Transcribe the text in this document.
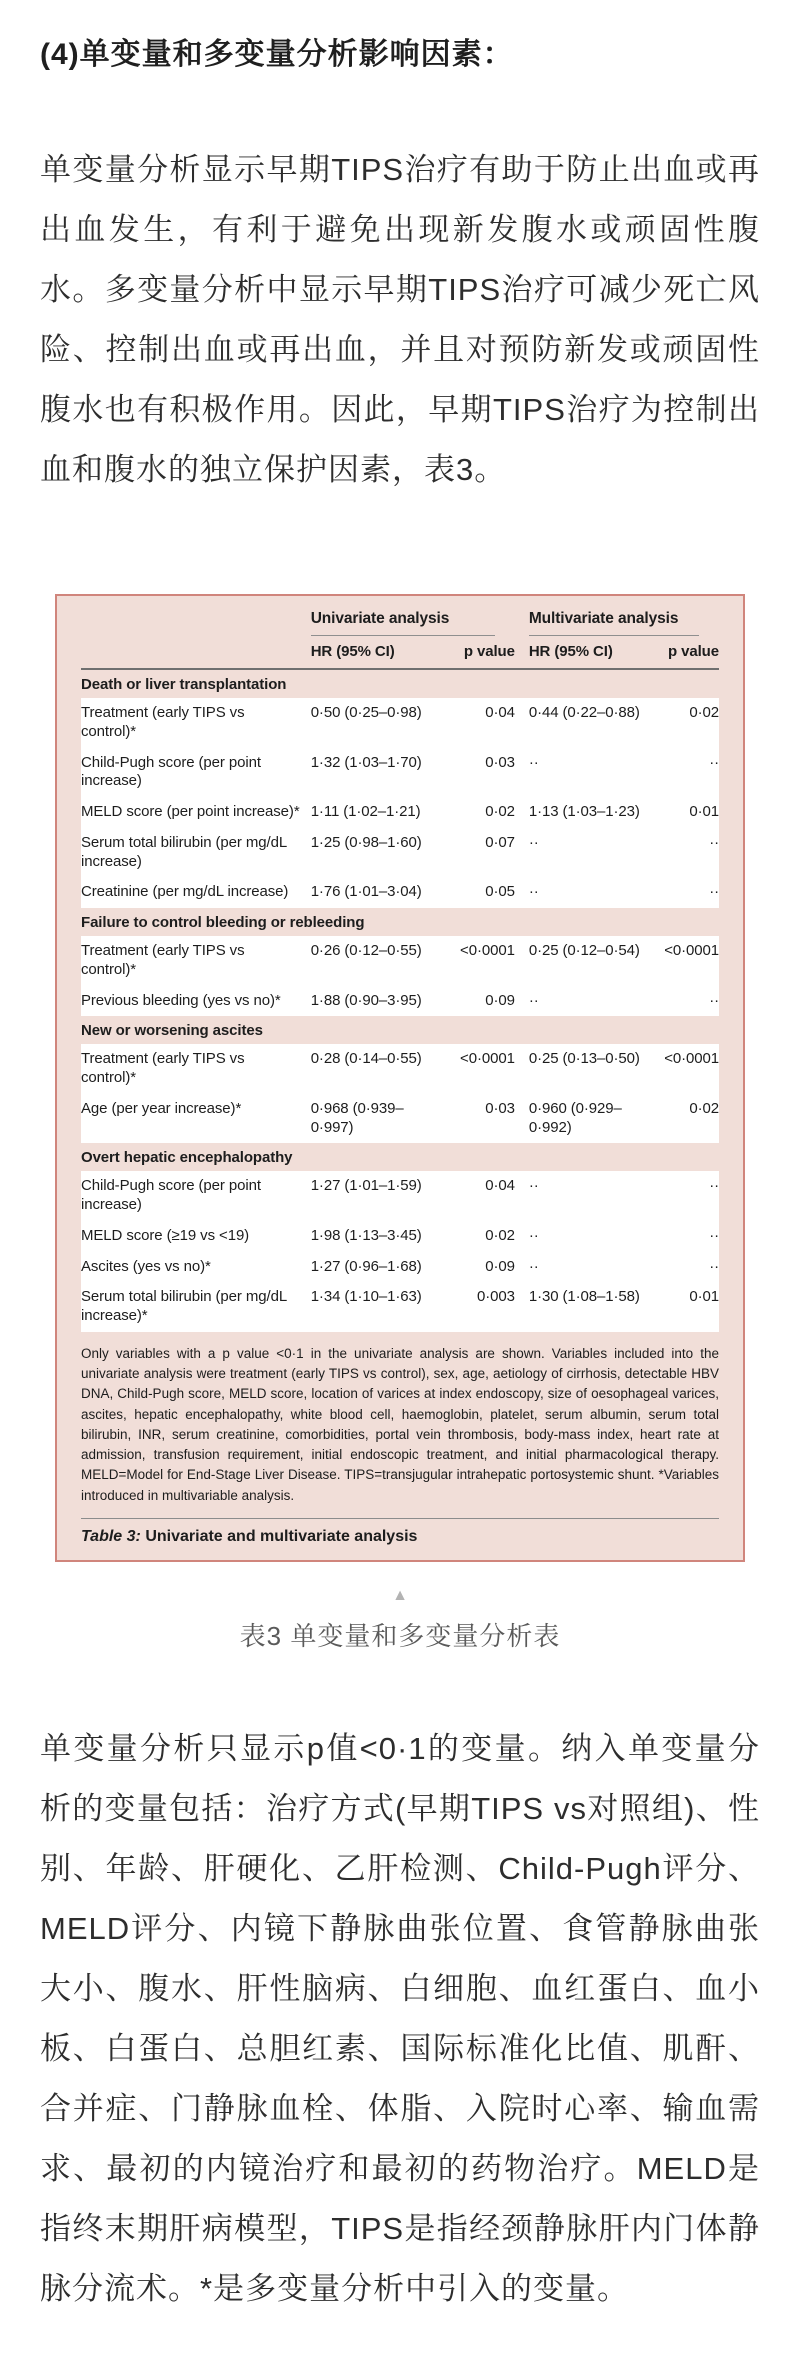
(4)单变量和多变量分析影响因素：

单变量分析显示早期TIPS治疗有助于防止出血或再出血发生，有利于避免出现新发腹水或顽固性腹水。多变量分析中显示早期TIPS治疗可减少死亡风险、控制出血或再出血，并且对预防新发或顽固性腹水也有积极作用。因此，早期TIPS治疗为控制出血和腹水的独立保护因素，表3。

	Univariate analysis		Multivariate analysis	

	HR (95% CI)	p value	HR (95% CI)	p value
Death or liver transplantation				
Treatment (early TIPS vs control)*	0·50 (0·25–0·98)	0·04	0·44 (0·22–0·88)	0·02
Child-Pugh score (per point increase)	1·32 (1·03–1·70)	0·03	··	··
MELD score (per point increase)*	1·11 (1·02–1·21)	0·02	1·13 (1·03–1·23)	0·01
Serum total bilirubin (per mg/dL increase)	1·25 (0·98–1·60)	0·07	··	··
Creatinine (per mg/dL increase)	1·76 (1·01–3·04)	0·05	··	··
Failure to control bleeding or rebleeding				
Treatment (early TIPS vs control)*	0·26 (0·12–0·55)	<0·0001	0·25 (0·12–0·54)	<0·0001
Previous bleeding (yes vs no)*	1·88 (0·90–3·95)	0·09	··	··
New or worsening ascites				
Treatment (early TIPS vs control)*	0·28 (0·14–0·55)	<0·0001	0·25 (0·13–0·50)	<0·0001
Age (per year increase)*	0·968 (0·939–0·997)	0·03	0·960 (0·929–0·992)	0·02
Overt hepatic encephalopathy				
Child-Pugh score (per point increase)	1·27 (1·01–1·59)	0·04	··	··
MELD score (≥19 vs <19)	1·98 (1·13–3·45)	0·02	··	··
Ascites (yes vs no)*	1·27 (0·96–1·68)	0·09	··	··
Serum total bilirubin (per mg/dL increase)*	1·34 (1·10–1·63)	0·003	1·30 (1·08–1·58)	0·01
Only variables with a p value <0·1 in the univariate analysis are shown. Variables included into the univariate analysis were treatment (early TIPS vs control), sex, age, aetiology of cirrhosis, detectable HBV DNA, Child-Pugh score, MELD score, location of varices at index endoscopy, size of oesophageal varices, ascites, hepatic encephalopathy, white blood cell, haemoglobin, platelet, serum albumin, serum total bilirubin, INR, serum creatinine, comorbidities, portal vein thrombosis, body-mass index, heart rate at admission, transfusion requirement, initial endoscopic treatment, and initial pharmacological therapy. MELD=Model for End-Stage Liver Disease. TIPS=transjugular intrahepatic portosystemic shunt. *Variables introduced in multivariable analysis.
Table 3: Univariate and multivariate analysis
▲
表3 单变量和多变量分析表

单变量分析只显示p值<0·1的变量。纳入单变量分析的变量包括：治疗方式(早期TIPS vs对照组)、性别、年龄、肝硬化、乙肝检测、Child-Pugh评分、MELD评分、内镜下静脉曲张位置、食管静脉曲张大小、腹水、肝性脑病、白细胞、血红蛋白、血小板、白蛋白、总胆红素、国际标准化比值、肌酐、合并症、门静脉血栓、体脂、入院时心率、输血需求、最初的内镜治疗和最初的药物治疗。MELD是指终末期肝病模型，TIPS是指经颈静脉肝内门体静脉分流术。*是多变量分析中引入的变量。
